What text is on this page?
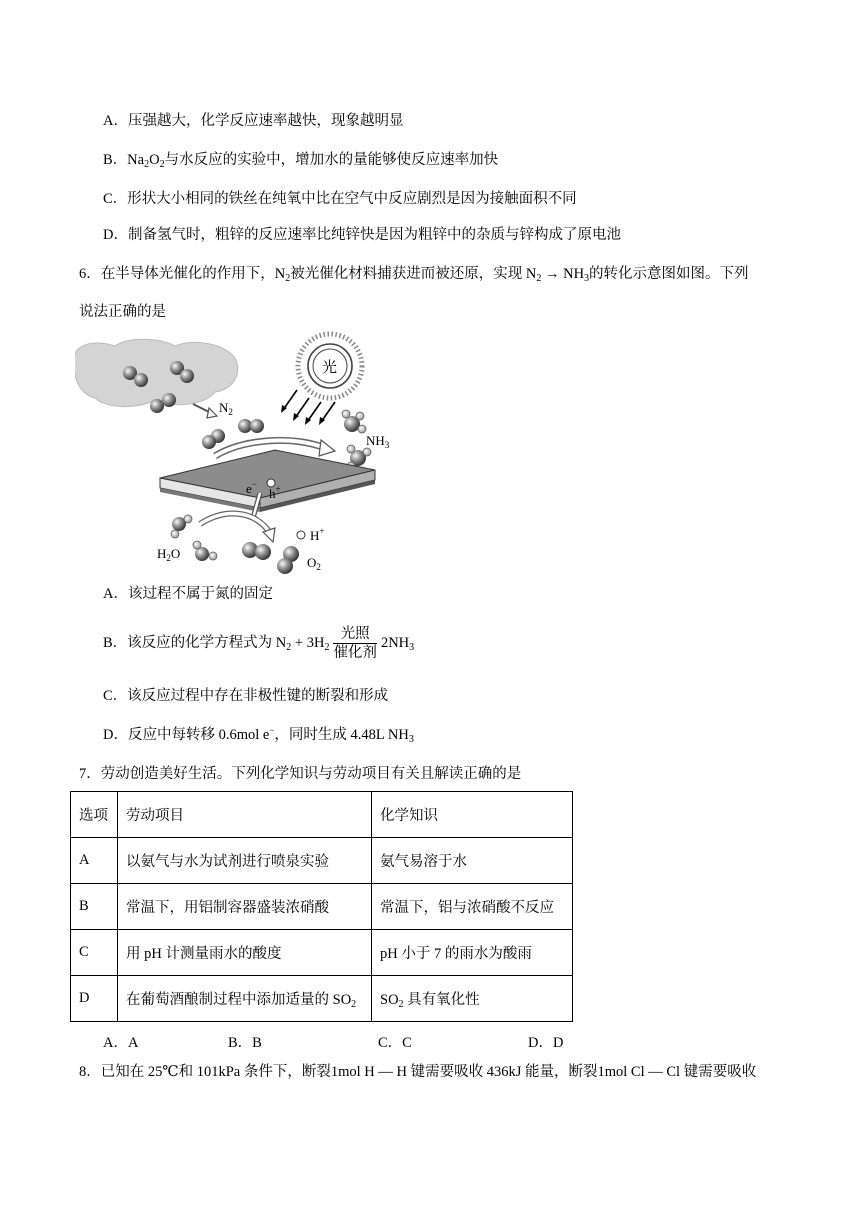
A．压强越大，化学反应速率越快，现象越明显
B．$Na_2O_2$与水反应的实验中，增加水的量能够使反应速率加快
C．形状大小相同的铁丝在纯氧中比在空气中反应剧烈是因为接触面积不同
D．制备氢气时，粗锌的反应速率比纯锌快是因为粗锌中的杂质与锌构成了原电池
6．在半导体光催化的作用下，$N_2$被光催化材料捕获进而被还原，实现 $N_2 \to NH_3$的转化示意图如图。下列
说法正确的是
$N_2$
光
$NH_3$
e−
h+
$H_2O$
H+
$O_2$
A．该过程不属于氮的固定
B．该反应的化学方程式为 $N_2 + 3H_2 \frac{\text{光照}}{\text{催化剂}} 2NH_3$
C．该反应过程中存在非极性键的断裂和形成
D．反应中每转移 0.6mol e−，同时生成 4.48L $NH_3$
7．劳动创造美好生活。下列化学知识与劳动项目有关且解读正确的是
选项	劳动项目	化学知识
A	以氨气与水为试剂进行喷泉实验	氨气易溶于水
B	常温下，用铝制容器盛装浓硝酸	常温下，铝与浓硝酸不反应
C	用 pH 计测量雨水的酸度	pH 小于 7 的雨水为酸雨
D	在葡萄酒酿制过程中添加适量的 $SO_2$	$SO_2$ 具有氧化性
A．A	B．B	C．C	D．D
8．已知在 25℃和 101kPa 条件下，断裂1mol H — H 键需要吸收 436kJ 能量，断裂1mol Cl — Cl 键需要吸收
